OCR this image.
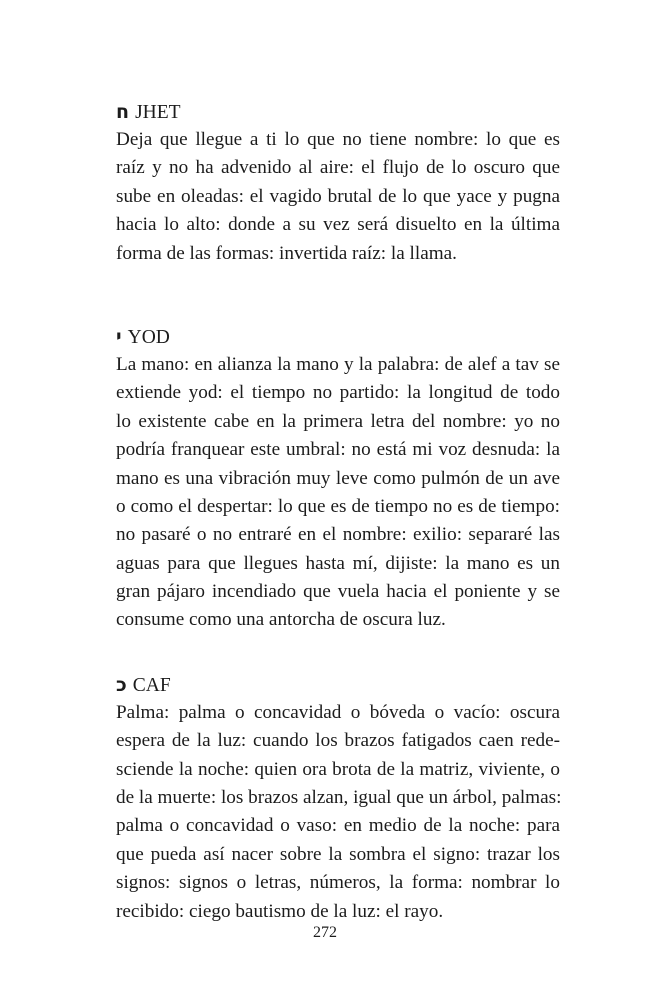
ח JHET

Deja que llegue a ti lo que no tiene nombre: lo que es
raíz y no ha advenido al aire: el flujo de lo oscuro que
sube en oleadas: el vagido brutal de lo que yace y pugna
hacia lo alto: donde a su vez será disuelto en la última
forma de las formas: invertida raíz: la llama.

י YOD

La mano: en alianza la mano y la palabra: de alef a tav se
extiende yod: el tiempo no partido: la longitud de todo
lo existente cabe en la primera letra del nombre: yo no
podría franquear este umbral: no está mi voz desnuda: la
mano es una vibración muy leve como pulmón de un ave
o como el despertar: lo que es de tiempo no es de tiempo:
no pasaré o no entraré en el nombre: exilio: separaré las
aguas para que llegues hasta mí, dijiste: la mano es un
gran pájaro incendiado que vuela hacia el poniente y se
consume como una antorcha de oscura luz.

כ CAF

Palma: palma o concavidad o bóveda o vacío: oscura
espera de la luz: cuando los brazos fatigados caen rede-
sciende la noche: quien ora brota de la matriz, viviente, o
de la muerte: los brazos alzan, igual que un árbol, palmas:
palma o concavidad o vaso: en medio de la noche: para
que pueda así nacer sobre la sombra el signo: trazar los
signos: signos o letras, números, la forma: nombrar lo
recibido: ciego bautismo de la luz: el rayo.

272
